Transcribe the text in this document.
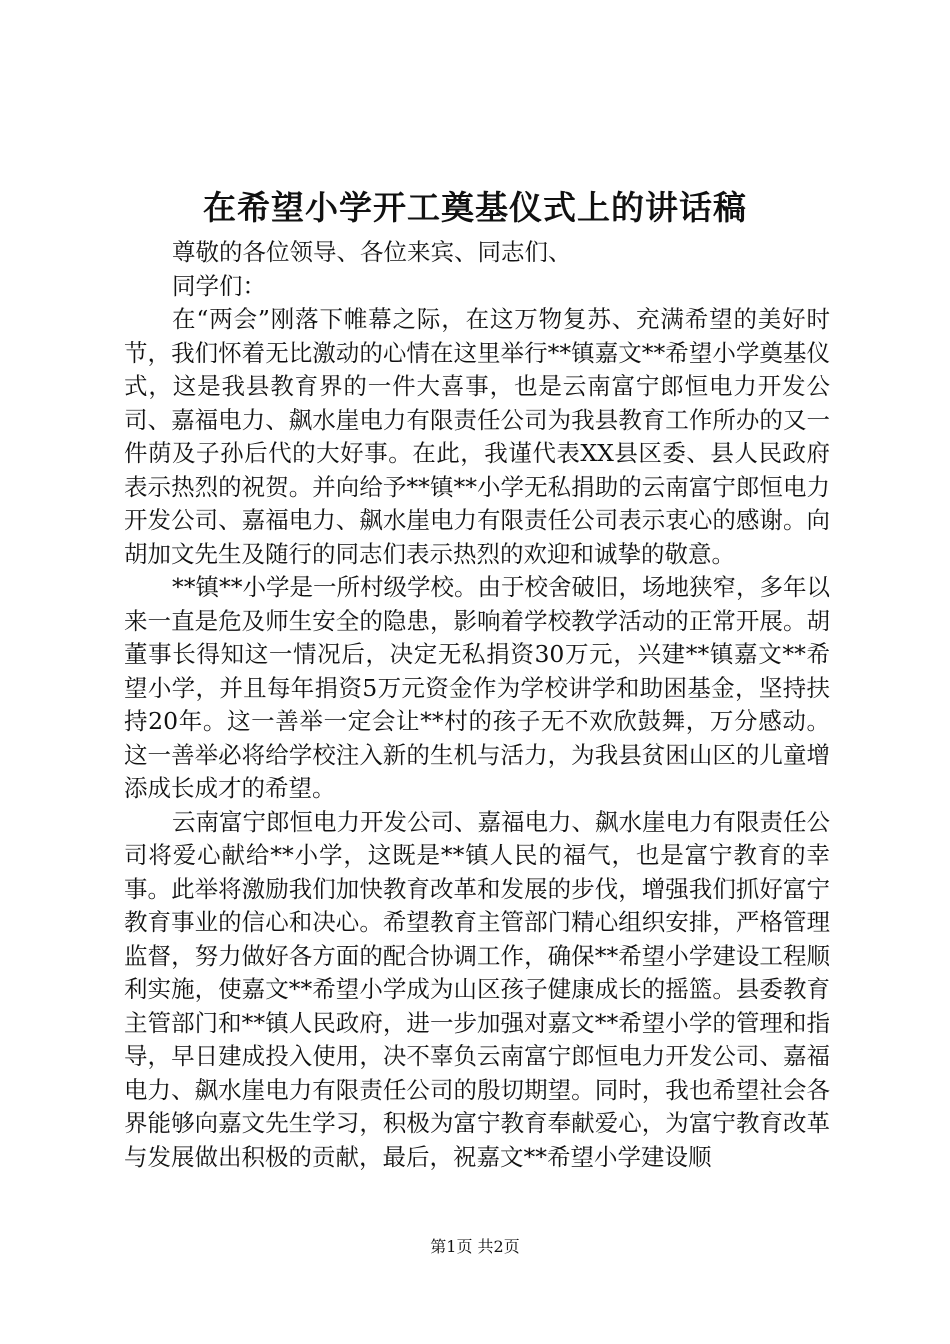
在希望小学开工奠基仪式上的讲话稿

尊敬的各位领导、各位来宾、同志们、

同学们：

在“两会”刚落下帷幕之际，在这万物复苏、充满希望的美好时节，我们怀着无比激动的心情在这里举行**镇嘉文**希望小学奠基仪式，这是我县教育界的一件大喜事，也是云南富宁郎恒电力开发公司、嘉福电力、飙水崖电力有限责任公司为我县教育工作所办的又一件荫及子孙后代的大好事。在此，我谨代表XX县区委、县人民政府表示热烈的祝贺。并向给予**镇**小学无私捐助的云南富宁郎恒电力开发公司、嘉福电力、飙水崖电力有限责任公司表示衷心的感谢。向胡加文先生及随行的同志们表示热烈的欢迎和诚挚的敬意。

**镇**小学是一所村级学校。由于校舍破旧，场地狭窄，多年以来一直是危及师生安全的隐患，影响着学校教学活动的正常开展。胡董事长得知这一情况后，决定无私捐资30万元，兴建**镇嘉文**希望小学，并且每年捐资5万元资金作为学校讲学和助困基金，坚持扶持20年。这一善举一定会让**村的孩子无不欢欣鼓舞，万分感动。这一善举必将给学校注入新的生机与活力，为我县贫困山区的儿童增添成长成才的希望。

云南富宁郎恒电力开发公司、嘉福电力、飙水崖电力有限责任公司将爱心献给**小学，这既是**镇人民的福气，也是富宁教育的幸事。此举将激励我们加快教育改革和发展的步伐，增强我们抓好富宁教育事业的信心和决心。希望教育主管部门精心组织安排，严格管理监督，努力做好各方面的配合协调工作，确保**希望小学建设工程顺利实施，使嘉文**希望小学成为山区孩子健康成长的摇篮。县委教育主管部门和**镇人民政府，进一步加强对嘉文**希望小学的管理和指导，早日建成投入使用，决不辜负云南富宁郎恒电力开发公司、嘉福电力、飙水崖电力有限责任公司的殷切期望。同时，我也希望社会各界能够向嘉文先生学习，积极为富宁教育奉献爱心，为富宁教育改革与发展做出积极的贡献，最后，祝嘉文**希望小学建设顺

第1页 共2页
